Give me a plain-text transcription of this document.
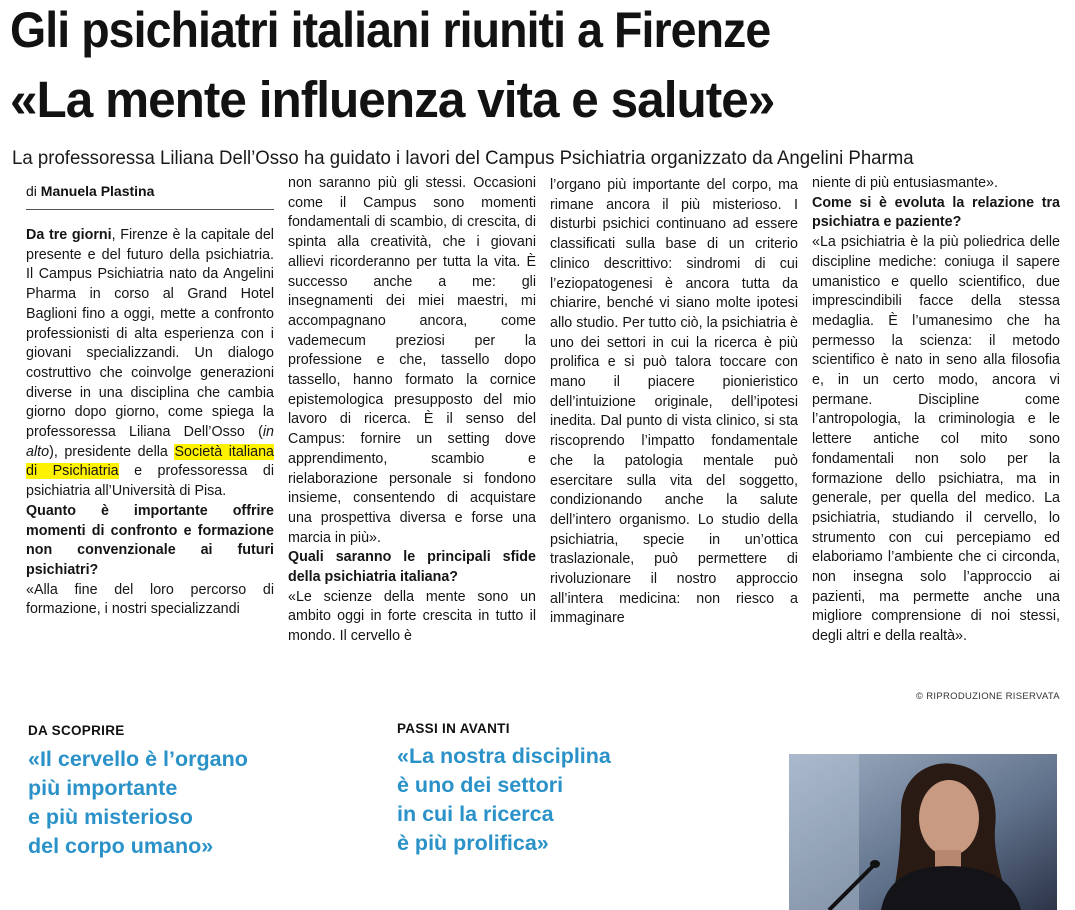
Gli psichiatri italiani riuniti a Firenze
«La mente influenza vita e salute»
La professoressa Liliana Dell’Osso ha guidato i lavori del Campus Psichiatria organizzato da Angelini Pharma
di Manuela Plastina

Da tre giorni, Firenze è la capitale del presente e del futuro della psichiatria. Il Campus Psichiatria nato da Angelini Pharma in corso al Grand Hotel Baglioni fino a oggi, mette a confronto professionisti di alta esperienza con i giovani specializzandi. Un dialogo costruttivo che coinvolge generazioni diverse in una disciplina che cambia giorno dopo giorno, come spiega la professoressa Liliana Dell’Osso (in alto), presidente della Società italiana di Psichiatria e professoressa di psichiatria all’Università di Pisa.

Quanto è importante offrire momenti di confronto e formazione non convenzionale ai futuri psichiatri?

«Alla fine del loro percorso di formazione, i nostri specializzandi

non saranno più gli stessi. Occasioni come il Campus sono momenti fondamentali di scambio, di crescita, di spinta alla creatività, che i giovani allievi ricorderanno per tutta la vita. È successo anche a me: gli insegnamenti dei miei maestri, mi accompagnano ancora, come vademecum preziosi per la professione e che, tassello dopo tassello, hanno formato la cornice epistemologica presupposto del mio lavoro di ricerca. È il senso del Campus: fornire un setting dove apprendimento, scambio e rielaborazione personale si fondono insieme, consentendo di acquistare una prospettiva diversa e forse una marcia in più».

Quali saranno le principali sfide della psichiatria italiana?

«Le scienze della mente sono un ambito oggi in forte crescita in tutto il mondo. Il cervello è

l’organo più importante del corpo, ma rimane ancora il più misterioso. I disturbi psichici continuano ad essere classificati sulla base di un criterio clinico descrittivo: sindromi di cui l’eziopatogenesi è ancora tutta da chiarire, benché vi siano molte ipotesi allo studio. Per tutto ciò, la psichiatria è uno dei settori in cui la ricerca è più prolifica e si può talora toccare con mano il piacere pionieristico dell’intuizione originale, dell’ipotesi inedita. Dal punto di vista clinico, si sta riscoprendo l’impatto fondamentale che la patologia mentale può esercitare sulla vita del soggetto, condizionando anche la salute dell’intero organismo. Lo studio della psichiatria, specie in un’ottica traslazionale, può permettere di rivoluzionare il nostro approccio all’intera medicina: non riesco a immaginare

niente di più entusiasmante».

Come si è evoluta la relazione tra psichiatra e paziente?

«La psichiatria è la più poliedrica delle discipline mediche: coniuga il sapere umanistico e quello scientifico, due imprescindibili facce della stessa medaglia. È l’umanesimo che ha permesso la scienza: il metodo scientifico è nato in seno alla filosofia e, in un certo modo, ancora vi permane. Discipline come l’antropologia, la criminologia e le lettere antiche col mito sono fondamentali non solo per la formazione dello psichiatra, ma in generale, per quella del medico. La psichiatria, studiando il cervello, lo strumento con cui percepiamo ed elaboriamo l’ambiente che ci circonda, non insegna solo l’approccio ai pazienti, ma permette anche una migliore comprensione di noi stessi, degli altri e della realtà».

© RIPRODUZIONE RISERVATA
DA SCOPRIRE
«Il cervello è l’organo
più importante
e più misterioso
del corpo umano»
PASSI IN AVANTI
«La nostra disciplina
è uno dei settori
in cui la ricerca
è più prolifica»
